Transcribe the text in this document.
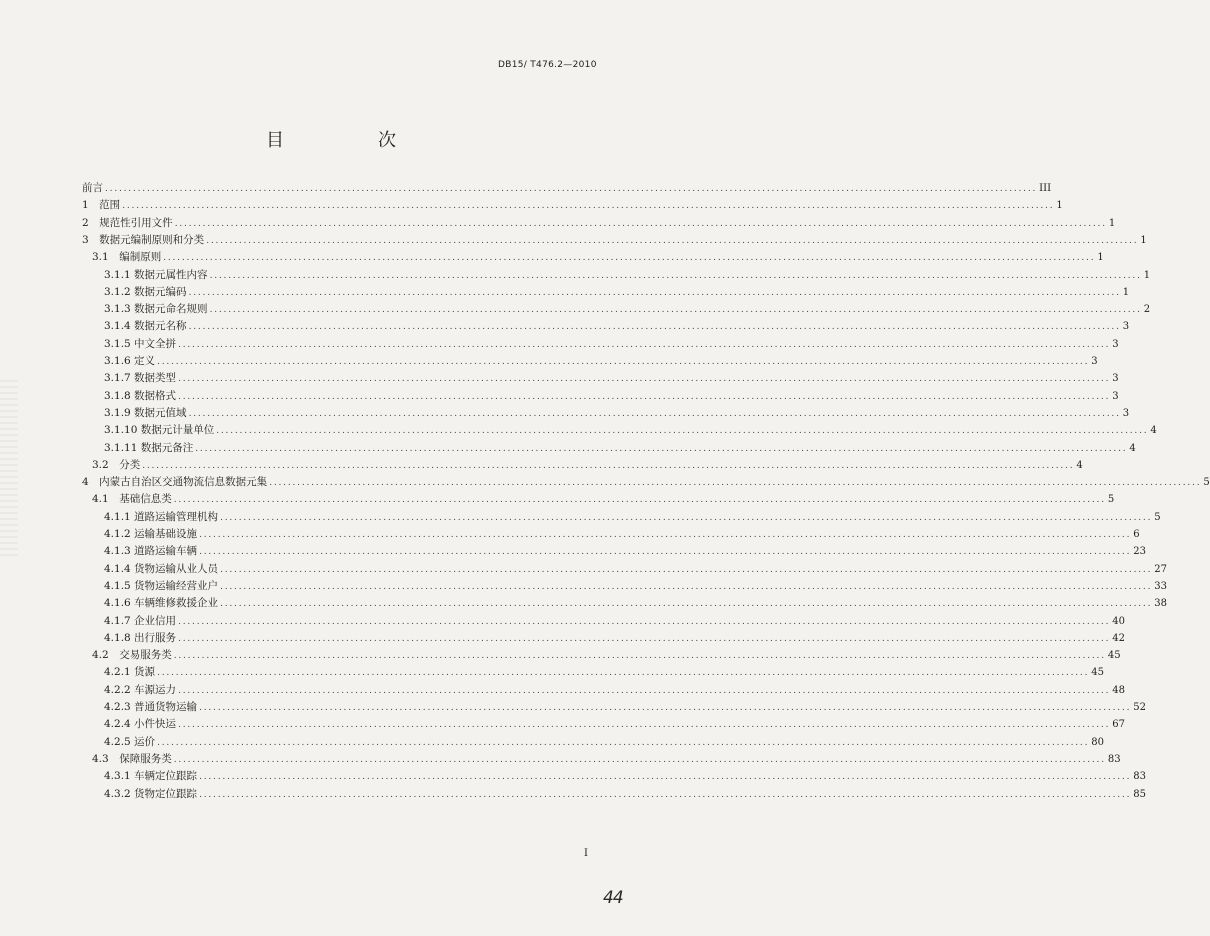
DB15/ T476.2—2010
目　次
前言 ........................................................................................................................................................................................................ III
1　范围 ........................................................................................................................................................................................................ 1
2　规范性引用文件 ........................................................................................................................................................................................................ 1
3　数据元编制原则和分类 ........................................................................................................................................................................................................ 1
3.1　编制原则 ........................................................................................................................................................................................................ 1
3.1.1 数据元属性内容 ........................................................................................................................................................................................................ 1
3.1.2 数据元编码 ........................................................................................................................................................................................................ 1
3.1.3 数据元命名规则 ........................................................................................................................................................................................................ 2
3.1.4 数据元名称 ........................................................................................................................................................................................................ 3
3.1.5 中文全拼 ........................................................................................................................................................................................................ 3
3.1.6 定义 ........................................................................................................................................................................................................ 3
3.1.7 数据类型 ........................................................................................................................................................................................................ 3
3.1.8 数据格式 ........................................................................................................................................................................................................ 3
3.1.9 数据元值域 ........................................................................................................................................................................................................ 3
3.1.10 数据元计量单位 ........................................................................................................................................................................................................ 4
3.1.11 数据元备注 ........................................................................................................................................................................................................ 4
3.2　分类 ........................................................................................................................................................................................................ 4
4　内蒙古自治区交通物流信息数据元集 ........................................................................................................................................................................................................ 5
4.1　基础信息类 ........................................................................................................................................................................................................ 5
4.1.1 道路运输管理机构 ........................................................................................................................................................................................................ 5
4.1.2 运输基础设施 ........................................................................................................................................................................................................ 6
4.1.3 道路运输车辆 ........................................................................................................................................................................................................ 23
4.1.4 货物运输从业人员 ........................................................................................................................................................................................................ 27
4.1.5 货物运输经营业户 ........................................................................................................................................................................................................ 33
4.1.6 车辆维修救援企业 ........................................................................................................................................................................................................ 38
4.1.7 企业信用 ........................................................................................................................................................................................................ 40
4.1.8 出行服务 ........................................................................................................................................................................................................ 42
4.2　交易服务类 ........................................................................................................................................................................................................ 45
4.2.1 货源 ........................................................................................................................................................................................................ 45
4.2.2 车源运力 ........................................................................................................................................................................................................ 48
4.2.3 普通货物运输 ........................................................................................................................................................................................................ 52
4.2.4 小件快运 ........................................................................................................................................................................................................ 67
4.2.5 运价 ........................................................................................................................................................................................................ 80
4.3　保障服务类 ........................................................................................................................................................................................................ 83
4.3.1 车辆定位跟踪 ........................................................................................................................................................................................................ 83
4.3.2 货物定位跟踪 ........................................................................................................................................................................................................ 85
I
44
